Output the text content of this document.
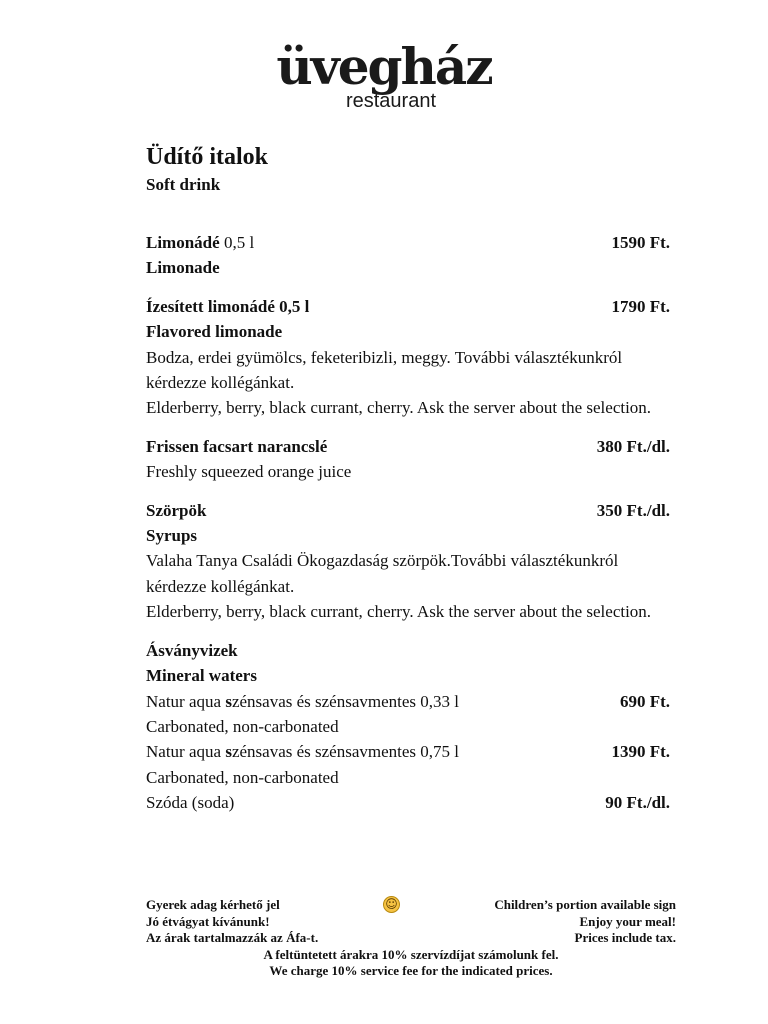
üvegház
restaurant
Üdítő italok
Soft drink
Limonádé 0,5 l	1590 Ft.
Limonade
Ízesített limonádé 0,5 l	1790 Ft.
Flavored limonade
Bodza, erdei gyümölcs, feketeribizli, meggy. További választékunkról kérdezze kollégánkat.
Elderberry, berry, black currant, cherry. Ask the server about the selection.
Frissen facsart narancslé	380 Ft./dl.
Freshly squeezed orange juice
Szörpök	350 Ft./dl.
Syrups
Valaha Tanya Családi Ökogazdaság szörpök.További választékunkról kérdezze kollégánkat.
Elderberry, berry, black currant, cherry. Ask the server about the selection.
Ásványvizek
Mineral waters
Natur aqua szénsavas és szénsavmentes 0,33 l	690 Ft.
Carbonated, non-carbonated
Natur aqua szénsavas és szénsavmentes 0,75 l	1390 Ft.
Carbonated, non-carbonated
Szóda (soda)	90 Ft./dl.
Gyerek adag kérhető jel	☺	Children’s portion available sign
Jó étvágyat kívánunk!	Enjoy your meal!
Az árak tartalmazzák az Áfa-t.	Prices include tax.
A feltüntetett árakra 10% szervízdíjat számolunk fel.
We charge 10% service fee for the indicated prices.
